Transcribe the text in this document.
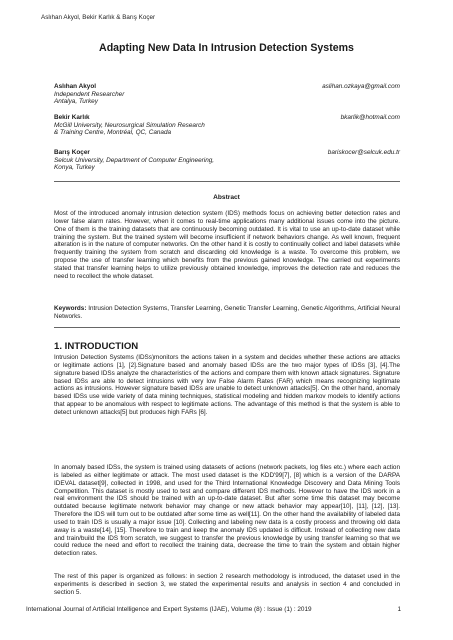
Aslıhan Akyol, Bekir Karlık & Barış Koçer
Adapting New Data In Intrusion Detection Systems
Aslıhan Akyol	aslihan.ozkaya@gmail.com
Independent Researcher
Antalya, Turkey
Bekir Karlık	bkarlik@hotmail.com
McGill University, Neurosurgical Simulation Research
& Training Centre, Montréal, QC, Canada
Barış Koçer	bariskocer@selcuk.edu.tr
Selcuk University, Department of Computer Engineering,
Konya, Turkey
Abstract
Most of the introduced anomaly intrusion detection system (IDS) methods focus on achieving better detection rates and lower false alarm rates. However, when it comes to real-time applications many additional issues come into the picture. One of them is the training datasets that are continuously becoming outdated. It is vital to use an up-to-date dataset while training the system. But the trained system will become insufficient if network behaviors change. As well known, frequent alteration is in the nature of computer networks. On the other hand it is costly to continually collect and label datasets while frequently training the system from scratch and discarding old knowledge is a waste. To overcome this problem, we propose the use of transfer learning which benefits from the previous gained knowledge. The carried out experiments stated that transfer learning helps to utilize previously obtained knowledge, improves the detection rate and reduces the need to recollect the whole dataset.
Keywords: Intrusion Detection Systems, Transfer Learning, Genetic Transfer Learning, Genetic Algorithms, Artificial Neural Networks.
1. INTRODUCTION
Intrusion Detection Systems (IDSs)monitors the actions taken in a system and decides whether these actions are attacks or legitimate actions [1], [2].Signature based and anomaly based IDSs are the two major types of IDSs [3], [4].The signature based IDSs analyze the characteristics of the actions and compare them with known attack signatures. Signature based IDSs are able to detect intrusions with very low False Alarm Rates (FAR) which means recognizing legitimate actions as intrusions. However signature based IDSs are unable to detect unknown attacks[5]. On the other hand, anomaly based IDSs use wide variety of data mining techniques, statistical modeling and hidden markov models to identify actions that appear to be anomalous with respect to legitimate actions. The advantage of this method is that the system is able to detect unknown attacks[5] but produces high FARs [6].
In anomaly based IDSs, the system is trained using datasets of actions (network packets, log files etc.) where each action is labeled as either legitimate or attack. The most used dataset is the KDD'99[7], [8] which is a version of the DARPA IDEVAL dataset[9], collected in 1998, and used for the Third International Knowledge Discovery and Data Mining Tools Competition. This dataset is mostly used to test and compare different IDS methods. However to have the IDS work in a real environment the IDS should be trained with an up-to-date dataset. But after some time this dataset may become outdated because legitimate network behavior may change or new attack behavior may appear[10], [11], [12], [13]. Therefore the IDS will turn out to be outdated after some time as well[11]. On the other hand the availability of labeled data used to train IDS is usually a major issue [10]. Collecting and labeling new data is a costly process and throwing old data away is a waste[14], [15]. Therefore to train and keep the anomaly IDS updated is difficult. Instead of collecting new data and train/build the IDS from scratch, we suggest to transfer the previous knowledge by using transfer learning so that we could reduce the need and effort to recollect the training data, decrease the time to train the system and obtain higher detection rates.
The rest of this paper is organized as follows: in section 2 research methodology is introduced, the dataset used in the experiments is described in section 3, we stated the experimental results and analysis in section 4 and concluded in section 5.
International Journal of Artificial Intelligence and Expert Systems (IJAE), Volume (8) : Issue (1) : 2019	1
